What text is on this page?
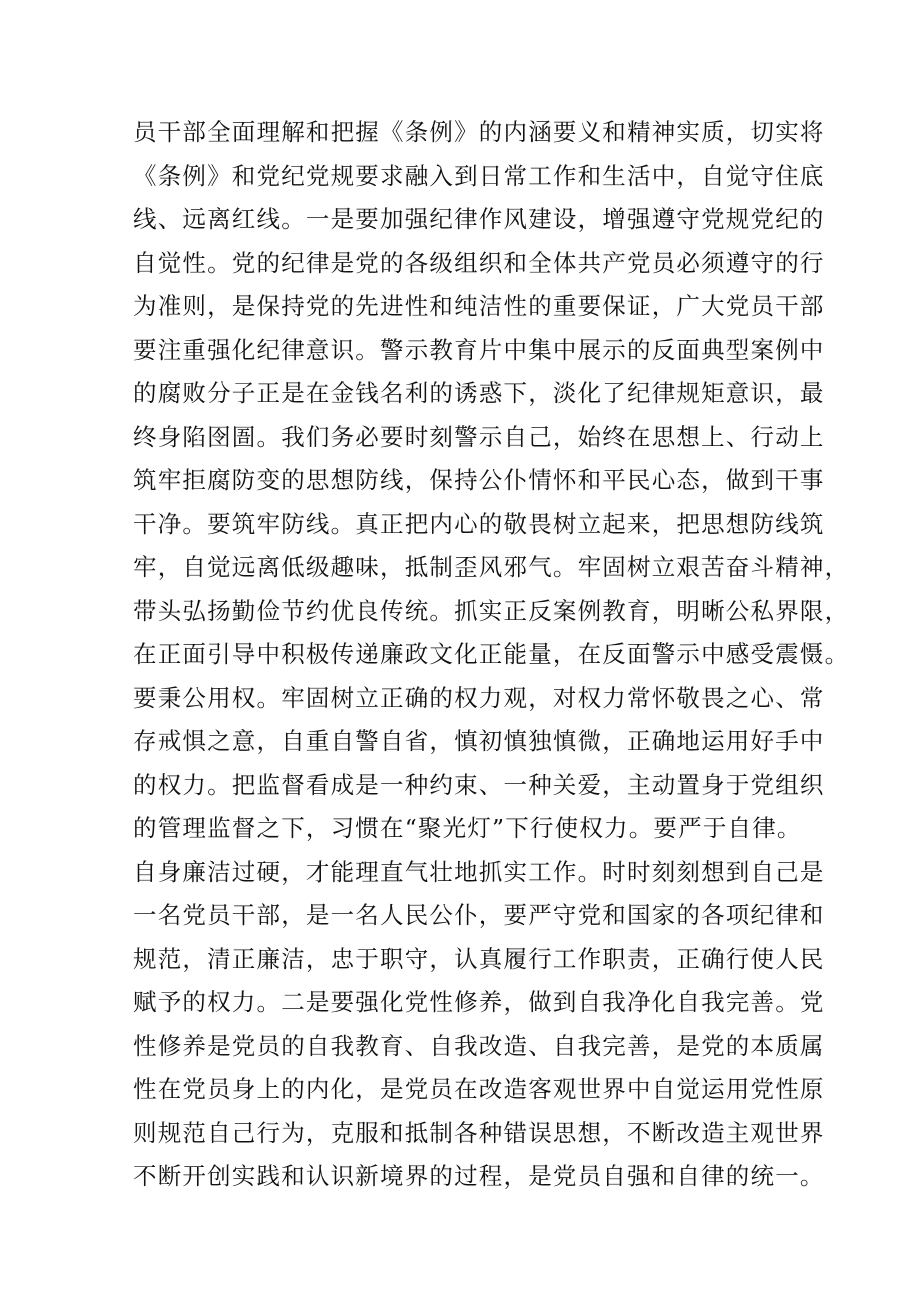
员干部全面理解和把握《条例》的内涵要义和精神实质，切实将
《条例》和党纪党规要求融入到日常工作和生活中，自觉守住底
线、远离红线。一是要加强纪律作风建设，增强遵守党规党纪的
自觉性。党的纪律是党的各级组织和全体共产党员必须遵守的行
为准则，是保持党的先进性和纯洁性的重要保证，广大党员干部
要注重强化纪律意识。警示教育片中集中展示的反面典型案例中
的腐败分子正是在金钱名利的诱惑下，淡化了纪律规矩意识，最
终身陷囹圄。我们务必要时刻警示自己，始终在思想上、行动上
筑牢拒腐防变的思想防线，保持公仆情怀和平民心态，做到干事
干净。要筑牢防线。真正把内心的敬畏树立起来，把思想防线筑
牢，自觉远离低级趣味，抵制歪风邪气。牢固树立艰苦奋斗精神，
带头弘扬勤俭节约优良传统。抓实正反案例教育，明晰公私界限，
在正面引导中积极传递廉政文化正能量，在反面警示中感受震慑。
要秉公用权。牢固树立正确的权力观，对权力常怀敬畏之心、常
存戒惧之意，自重自警自省，慎初慎独慎微，正确地运用好手中
的权力。把监督看成是一种约束、一种关爱，主动置身于党组织
的管理监督之下，习惯在“聚光灯”下行使权力。要严于自律。
自身廉洁过硬，才能理直气壮地抓实工作。时时刻刻想到自己是
一名党员干部，是一名人民公仆，要严守党和国家的各项纪律和
规范，清正廉洁，忠于职守，认真履行工作职责，正确行使人民
赋予的权力。二是要强化党性修养，做到自我净化自我完善。党
性修养是党员的自我教育、自我改造、自我完善，是党的本质属
性在党员身上的内化，是党员在改造客观世界中自觉运用党性原
则规范自己行为，克服和抵制各种错误思想，不断改造主观世界
不断开创实践和认识新境界的过程，是党员自强和自律的统一。
